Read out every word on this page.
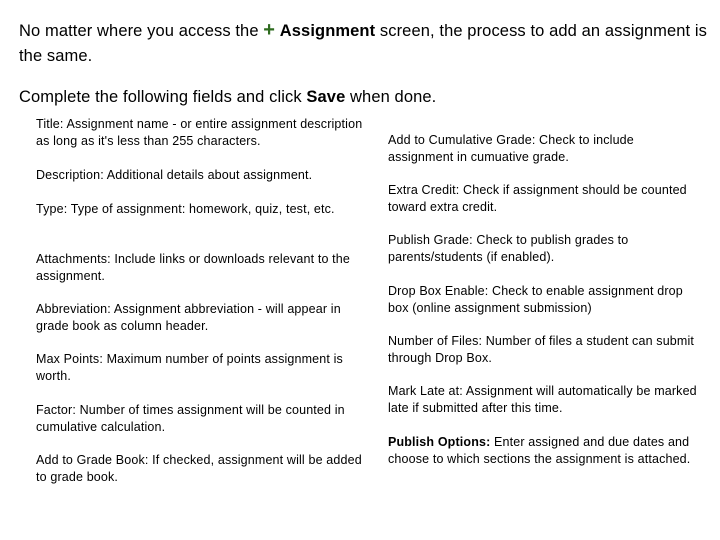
No matter where you access the + Assignment screen, the process to add an assignment is the same.
Complete the following fields and click Save when done.

Title: Assignment name - or entire assignment description as long as it's less than 255 characters.

Description: Additional details about assignment.

Type: Type of assignment: homework, quiz, test, etc.

Attachments: Include links or downloads relevant to the assignment.

Abbreviation: Assignment abbreviation - will appear in grade book as column header.

Max Points: Maximum number of points assignment is worth.

Factor: Number of times assignment will be counted in cumulative calculation.

Add to Grade Book: If checked, assignment will be added to grade book.

Add to Cumulative Grade: Check to include assignment in cumuative grade.

Extra Credit: Check if assignment should be counted toward extra credit.

Publish Grade: Check to publish grades to parents/students (if enabled).

Drop Box Enable: Check to enable assignment drop box (online assignment submission)

Number of Files: Number of files a student can submit through Drop Box.

Mark Late at: Assignment will automatically be marked late if submitted after this time.

Publish Options: Enter assigned and due dates and choose to which sections the assignment is attached.
